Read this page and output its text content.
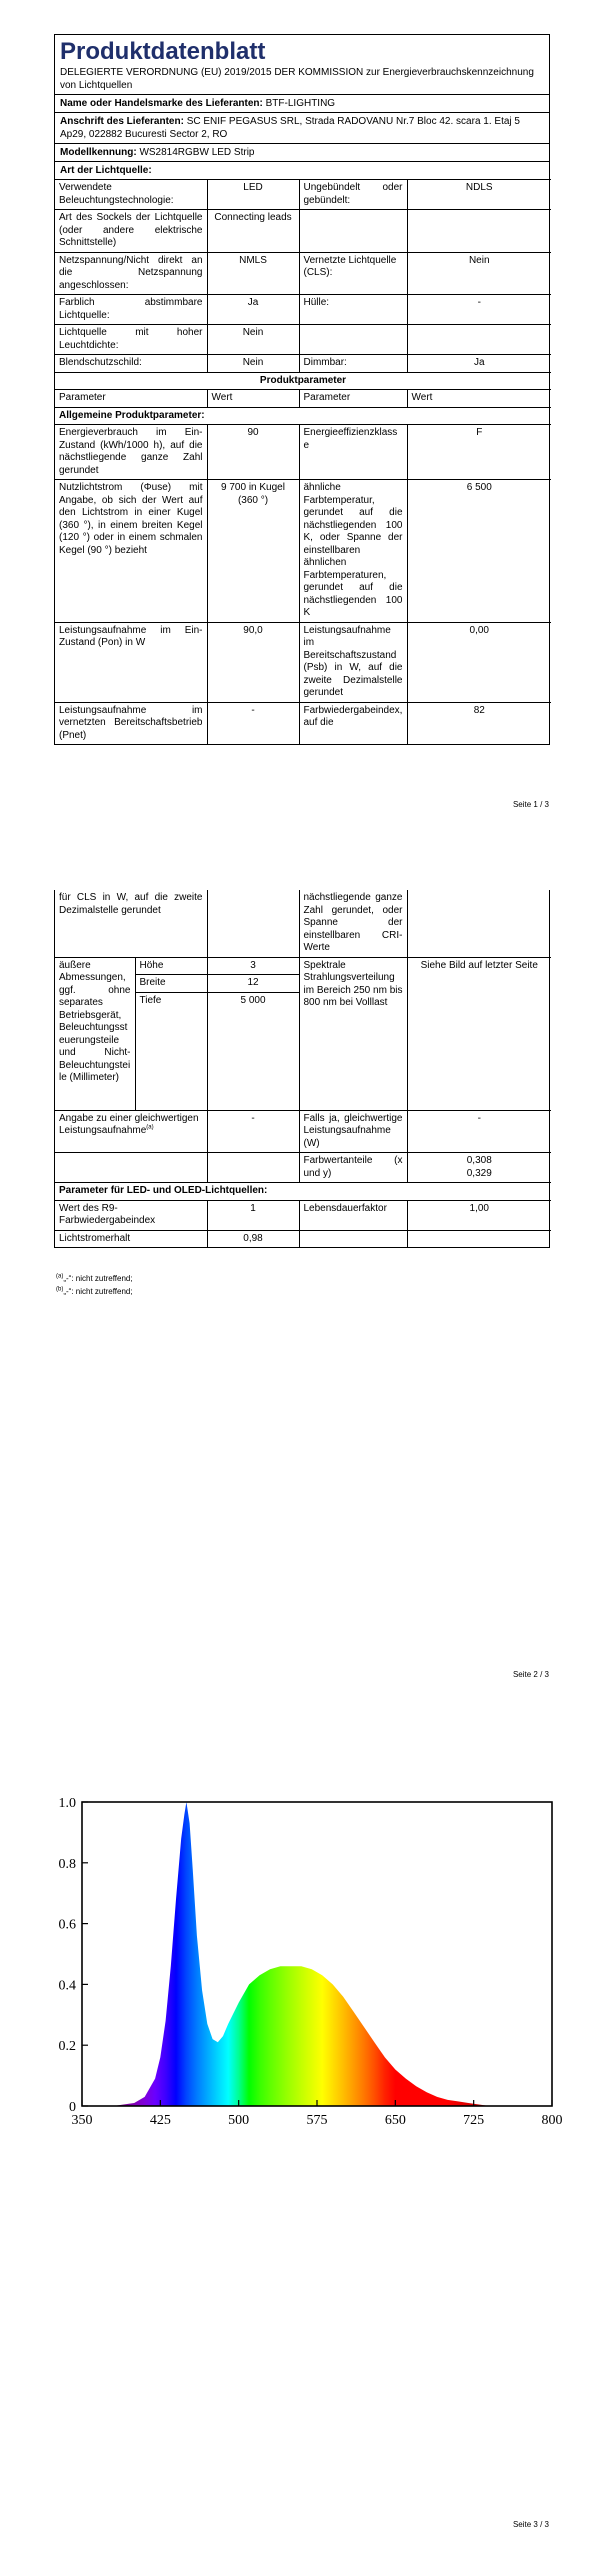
Produktdatenblatt
DELEGIERTE VERORDNUNG (EU) 2019/2015 DER KOMMISSION zur Energieverbrauchskennzeichnung von Lichtquellen
Name oder Handelsmarke des Lieferanten: BTF-LIGHTING
Anschrift des Lieferanten: SC ENIF PEGASUS SRL, Strada RADOVANU Nr.7 Bloc 42. scara 1. Etaj 5 Ap29, 022882 Bucuresti Sector 2, RO
Modellkennung: WS2814RGBW LED Strip
Art der Lichtquelle:
Verwendete Beleuchtungstechnologie:	LED	Ungebündelt oder gebündelt:	NDLS
Art des Sockels der Lichtquelle (oder andere elektrische Schnittstelle)	Connecting leads		
Netzspannung/Nicht direkt an die Netzspannung angeschlossen:	NMLS	Vernetzte Lichtquelle (CLS):	Nein
Farblich abstimmbare Lichtquelle:	Ja	Hülle:	-
Lichtquelle mit hoher Leuchtdichte:	Nein		
Blendschutzschild:	Nein	Dimmbar:	Ja
Produktparameter			
Parameter	Wert	Parameter	Wert
Allgemeine Produktparameter:			
Energieverbrauch im Ein-Zustand (kWh/1000 h), auf die nächstliegende ganze Zahl gerundet	90	Energieeffizienzklasse	F
Nutzlichtstrom (Φuse) mit Angabe, ob sich der Wert auf den Lichtstrom in einer Kugel (360 °), in einem breiten Kegel (120 °) oder in einem schmalen Kegel (90 °) bezieht	9 700 in Kugel (360 °)	ähnliche Farbtemperatur, gerundet auf die nächstliegenden 100 K, oder Spanne der einstellbaren ähnlichen Farbtemperaturen, gerundet auf die nächstliegenden 100 K	6 500
Leistungsaufnahme im Ein-Zustand (Pon) in W	90,0	Leistungsaufnahme im Bereitschaftszustand (Psb) in W, auf die zweite Dezimalstelle gerundet	0,00
Leistungsaufnahme im vernetzten Bereitschaftsbetrieb (Pnet)	-	Farbwiedergabeindex, auf die	82
Seite 1 / 3
für CLS in W, auf die zweite Dezimalstelle gerundet			nächstliegende ganze Zahl gerundet, oder Spanne der einstellbaren CRI-Werte	
äußere Abmessungen, ggf. ohne separates Betriebsgerät, Beleuchtungssteuerungsteile und Nicht-Beleuchtungsteile (Millimeter)	Höhe	3	Spektrale Strahlungsverteilung im Bereich 250 nm bis 800 nm bei Volllast	Siehe Bild auf letzter Seite
	Breite	12		
	Tiefe	5 000		
Angabe zu einer gleichwertigen Leistungsaufnahme$^{(a)}$		-	Falls ja, gleichwertige Leistungsaufnahme (W)	-
			Farbwertanteile (x und y)	0,308
0,329
Parameter für LED- und OLED-Lichtquellen:				
Wert des R9-Farbwiedergabeindex		1	Lebensdauerfaktor	1,00
Lichtstromerhalt		0,98		
$^{(a)}$„-“: nicht zutreffend;
$^{(b)}$„-“: nicht zutreffend;
Seite 2 / 3
350	425	500	575	650	725	800
0
0.2
0.4
0.6
0.8
1.0
Seite 3 / 3
